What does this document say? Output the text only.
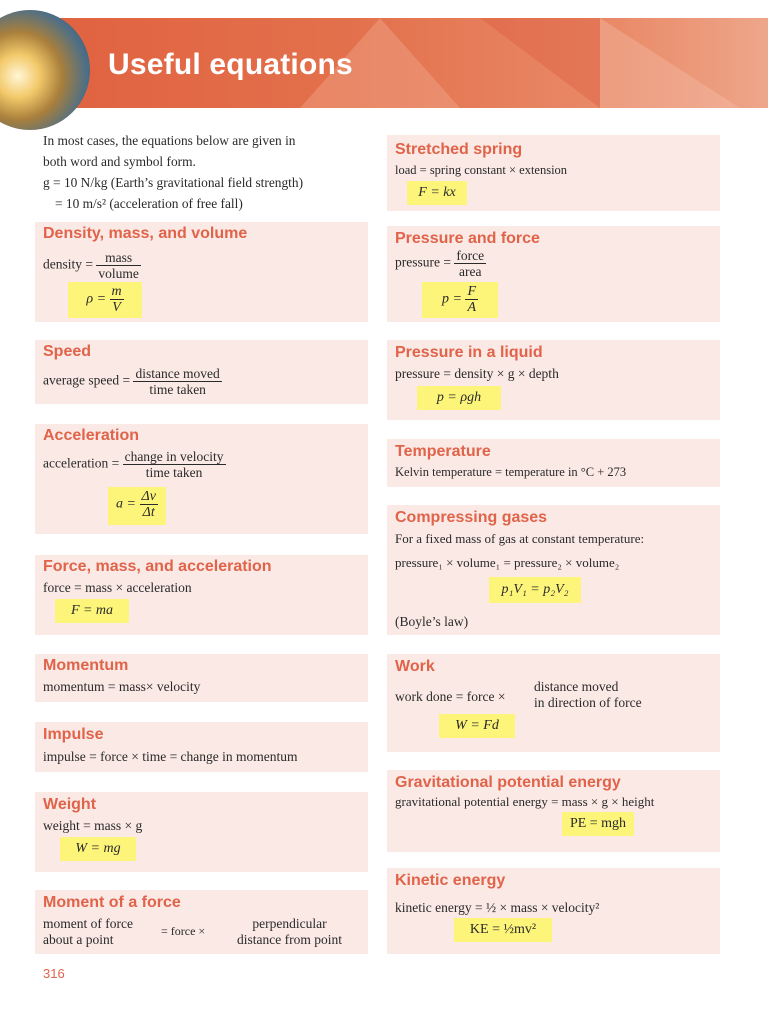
Useful equations
In most cases, the equations below are given in
both word and symbol form.
g = 10 N/kg (Earth’s gravitational field strength)
= 10 m/s² (acceleration of free fall)
Density, mass, and volume
density = $\frac{\text{mass}}{\text{volume}}$
$\rho = \frac{m}{V}$
Speed
average speed = $\frac{\text{distance moved}}{\text{time taken}}$
Acceleration
acceleration = $\frac{\text{change in velocity}}{\text{time taken}}$
$a = \frac{\Delta v}{\Delta t}$
Force, mass, and acceleration
force = mass × acceleration
F = ma
Momentum
momentum = mass× velocity
Impulse
impulse = force × time = change in momentum
Weight
weight = mass × g
W = mg
Moment of a force
moment of force
about a point
= force ×	perpendicular
distance from point
Stretched spring
load = spring constant × extension
F = kx
Pressure and force
pressure = $\frac{\text{force}}{\text{area}}$
$p = \frac{F}{A}$
Pressure in a liquid
pressure = density × g × depth
p = ρgh
Temperature
Kelvin temperature = temperature in °C + 273
Compressing gases
For a fixed mass of gas at constant temperature:
pressure₁ × volume₁ = pressure₂ × volume₂
p₁V₁ = p₂V₂
(Boyle’s law)
Work
work done = force ×
distance moved
in direction of force
W = Fd
Gravitational potential energy
gravitational potential energy = mass × g × height
PE = mgh
Kinetic energy
kinetic energy = ½ × mass × velocity²
KE = ½mv²
316
